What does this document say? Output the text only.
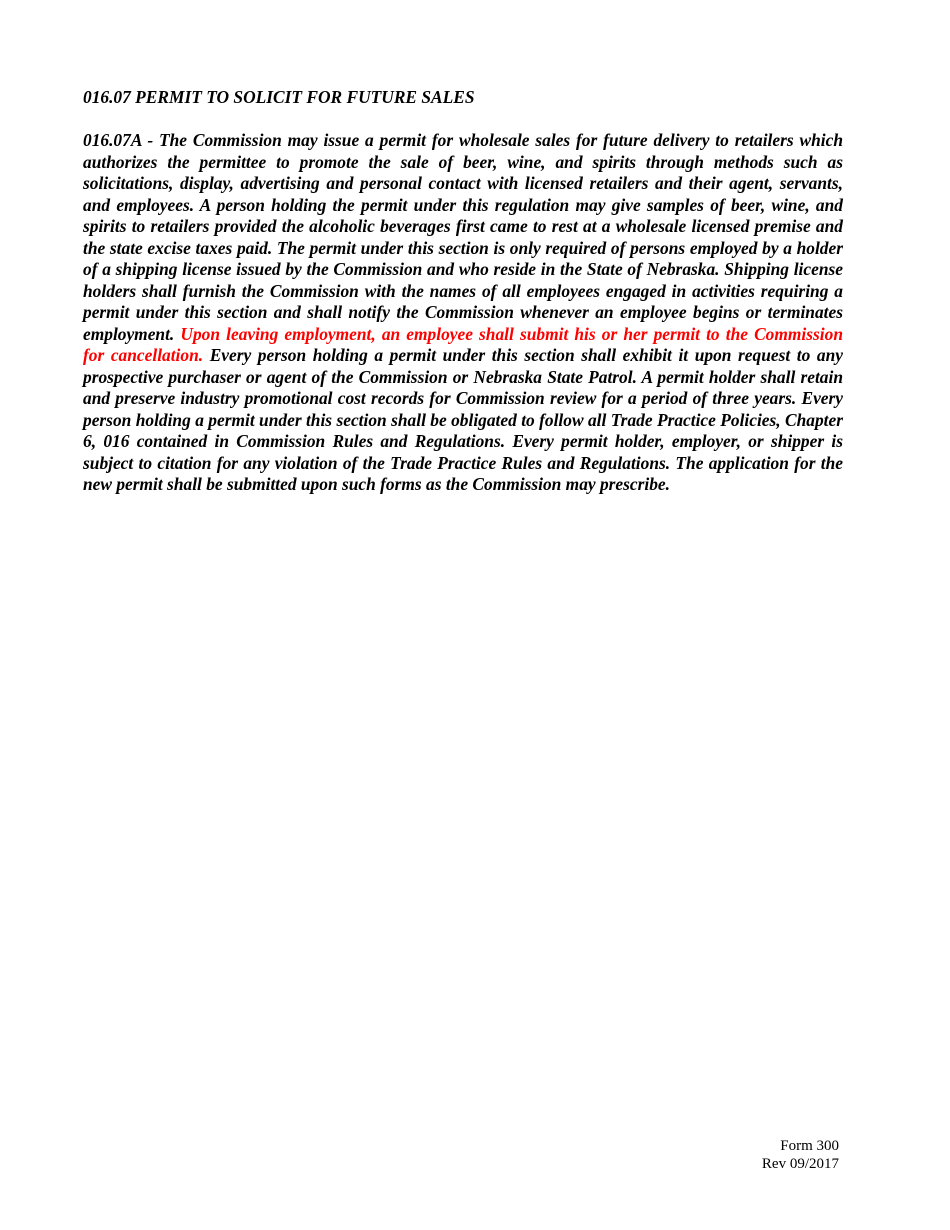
016.07 PERMIT TO SOLICIT FOR FUTURE SALES

016.07A - The Commission may issue a permit for wholesale sales for future delivery to retailers which authorizes the permittee to promote the sale of beer, wine, and spirits through methods such as solicitations, display, advertising and personal contact with licensed retailers and their agent, servants, and employees. A person holding the permit under this regulation may give samples of beer, wine, and spirits to retailers provided the alcoholic beverages first came to rest at a wholesale licensed premise and the state excise taxes paid. The permit under this section is only required of persons employed by a holder of a shipping license issued by the Commission and who reside in the State of Nebraska. Shipping license holders shall furnish the Commission with the names of all employees engaged in activities requiring a permit under this section and shall notify the Commission whenever an employee begins or terminates employment. Upon leaving employment, an employee shall submit his or her permit to the Commission for cancellation. Every person holding a permit under this section shall exhibit it upon request to any prospective purchaser or agent of the Commission or Nebraska State Patrol. A permit holder shall retain and preserve industry promotional cost records for Commission review for a period of three years. Every person holding a permit under this section shall be obligated to follow all Trade Practice Policies, Chapter 6, 016 contained in Commission Rules and Regulations. Every permit holder, employer, or shipper is subject to citation for any violation of the Trade Practice Rules and Regulations. The application for the new permit shall be submitted upon such forms as the Commission may prescribe.

Form 300
Rev 09/2017
